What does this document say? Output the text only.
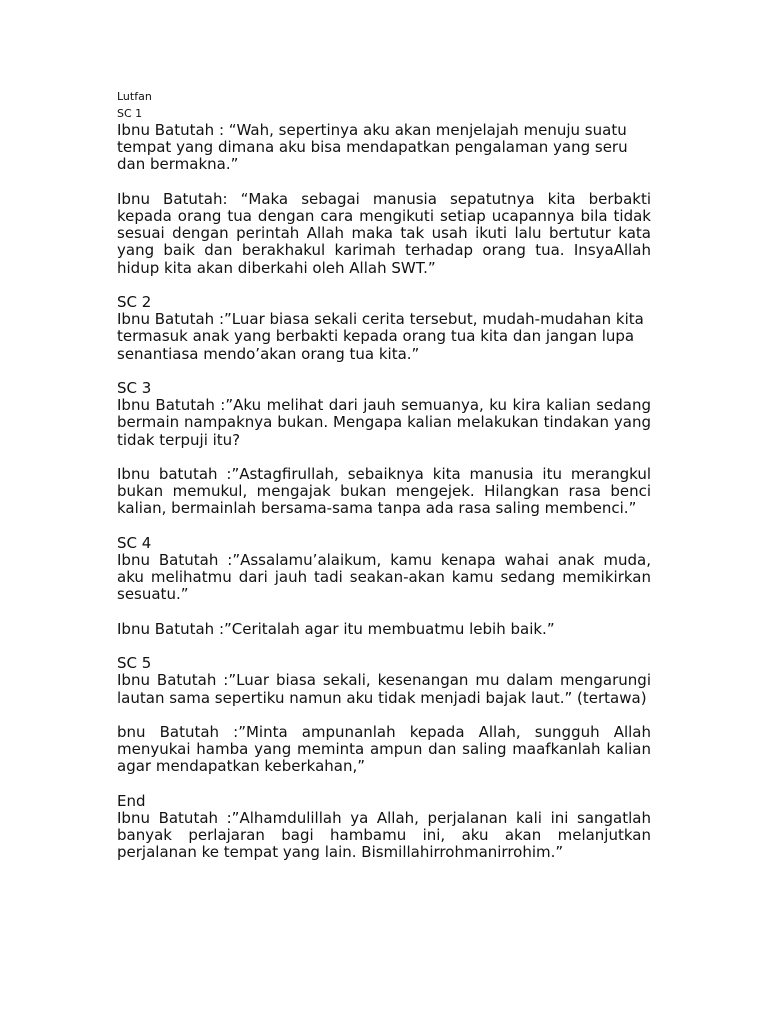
Lutfan

SC 1

Ibnu Batutah : “Wah, sepertinya aku akan menjelajah menuju suatu tempat yang dimana aku bisa mendapatkan pengalaman yang seru dan bermakna.”

Ibnu Batutah: “Maka sebagai manusia sepatutnya kita berbakti kepada orang tua dengan cara mengikuti setiap ucapannya bila tidak sesuai dengan perintah Allah maka tak usah ikuti lalu bertutur kata yang baik dan berakhakul karimah terhadap orang tua. InsyaAllah hidup kita akan diberkahi oleh Allah SWT.”

SC 2

Ibnu Batutah :”Luar biasa sekali cerita tersebut, mudah-mudahan kita termasuk anak yang berbakti kepada orang tua kita dan jangan lupa senantiasa mendo’akan orang tua kita.”

SC 3

Ibnu Batutah :”Aku melihat dari jauh semuanya, ku kira kalian sedang bermain nampaknya bukan. Mengapa kalian melakukan tindakan yang tidak terpuji itu?

Ibnu batutah :”Astagfirullah, sebaiknya kita manusia itu merangkul bukan memukul, mengajak bukan mengejek. Hilangkan rasa benci kalian, bermainlah bersama-sama tanpa ada rasa saling membenci.”

SC 4

Ibnu Batutah :”Assalamu’alaikum, kamu kenapa wahai anak muda, aku melihatmu dari jauh tadi seakan-akan kamu sedang memikirkan sesuatu.”

Ibnu Batutah :”Ceritalah agar itu membuatmu lebih baik.”

SC 5

Ibnu Batutah :”Luar biasa sekali, kesenangan mu dalam mengarungi lautan sama sepertiku namun aku tidak menjadi bajak laut.” (tertawa)

bnu Batutah :”Minta ampunanlah kepada Allah, sungguh Allah menyukai hamba yang meminta ampun dan saling maafkanlah kalian agar mendapatkan keberkahan,”

End

Ibnu Batutah :”Alhamdulillah ya Allah, perjalanan kali ini sangatlah banyak perlajaran bagi hambamu ini, aku akan melanjutkan perjalanan ke tempat yang lain. Bismillahirrohmanirrohim.”
